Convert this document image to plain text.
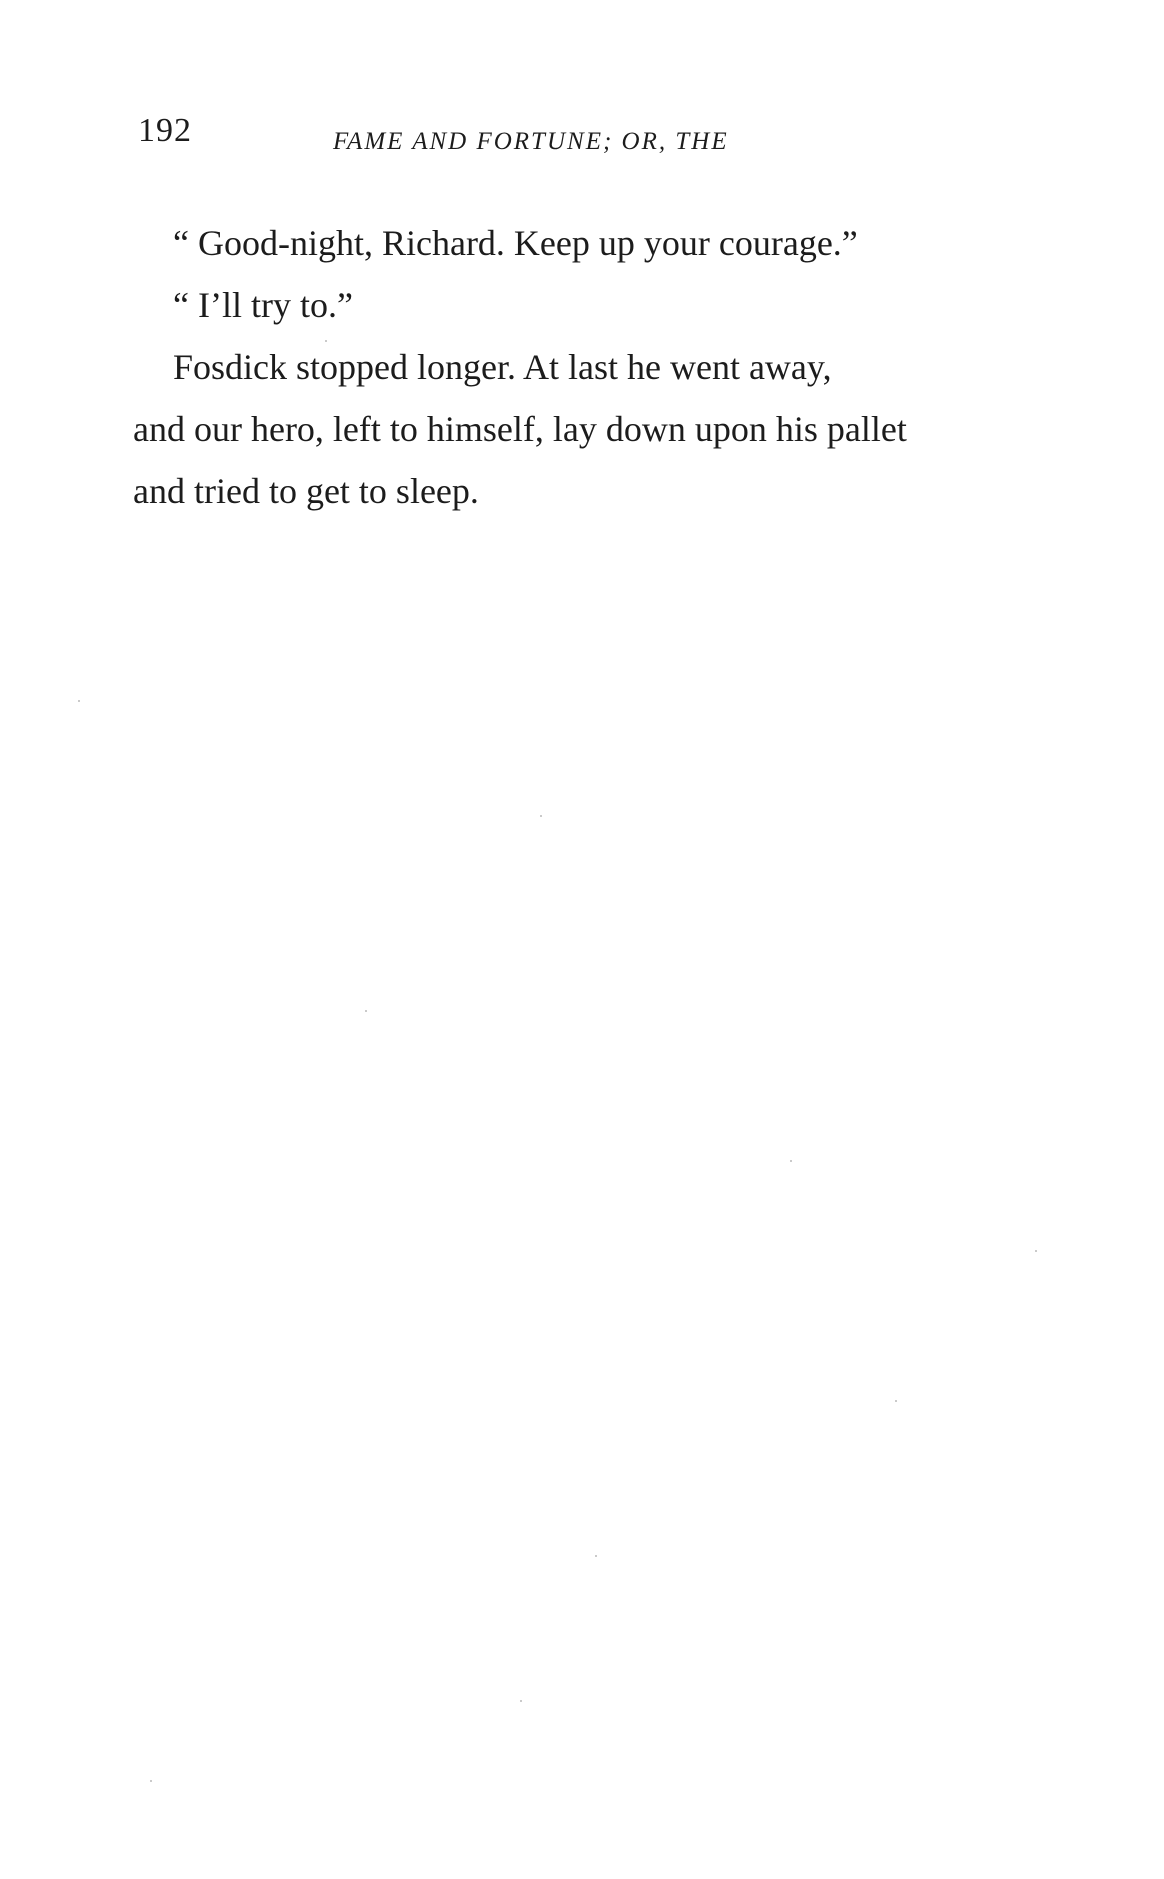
192	FAME AND FORTUNE; OR, THE
“ Good-night, Richard. Keep up your courage.”
“ I’ll try to.”
Fosdick stopped longer. At last he went away,
and our hero, left to himself, lay down upon his pallet
and tried to get to sleep.
